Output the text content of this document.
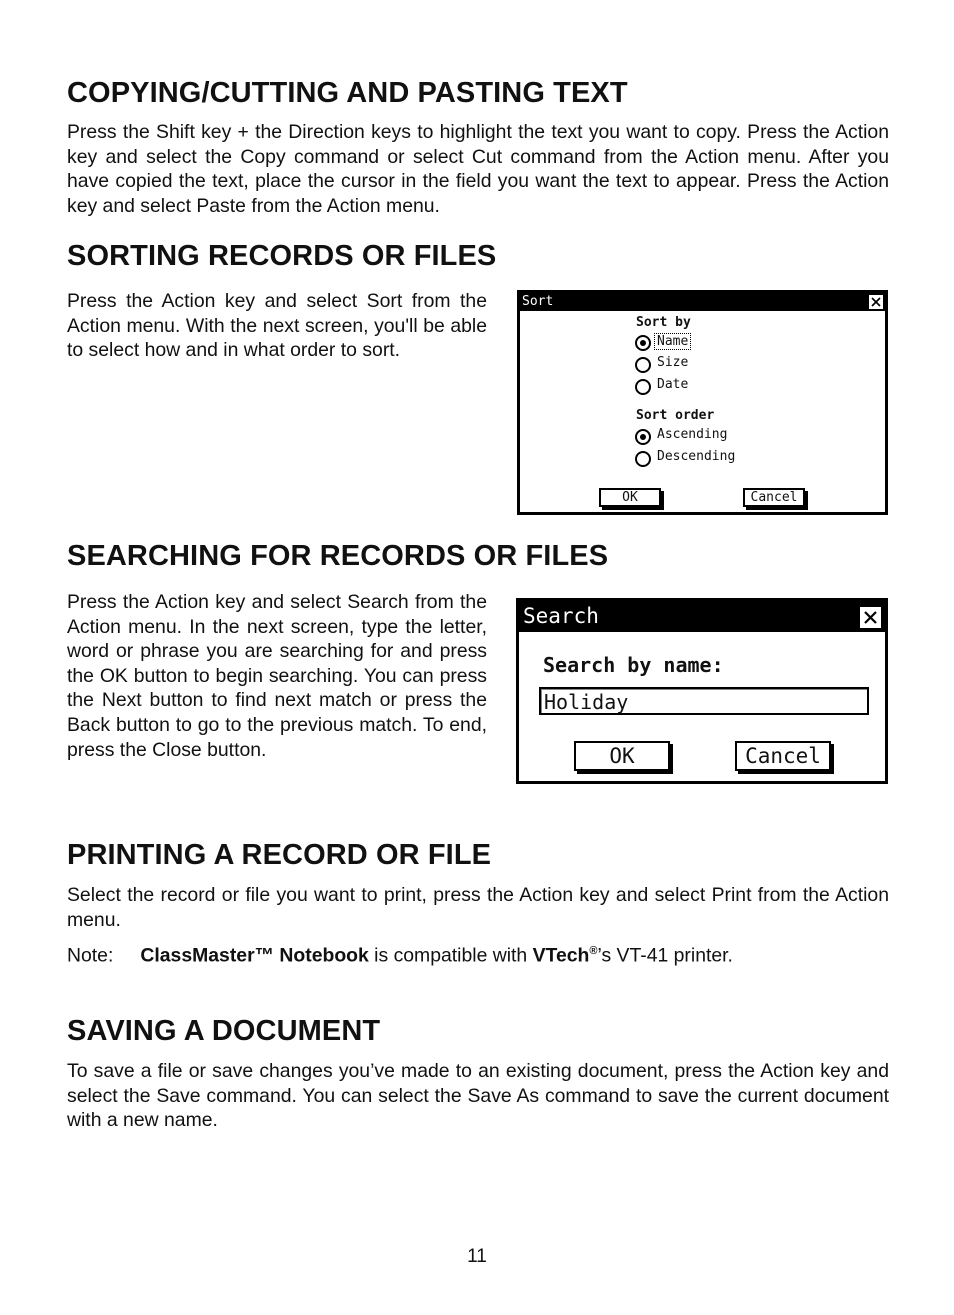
COPYING/CUTTING AND PASTING TEXT

Press the Shift key + the Direction keys to highlight the text you want to copy. Press the Action key and select the Copy command or select Cut command from the Action menu. After you have copied the text, place the cursor in the field you want the text to appear. Press the Action key and select Paste from the Action menu.

SORTING RECORDS OR FILES

Press the Action key and select Sort from the Action menu. With the next screen, you'll be able to select how and in what order to sort.

Sort
Sort by
Name
Size
Date
Sort order
Ascending
Descending
OK	Cancel
SEARCHING FOR RECORDS OR FILES

Press the Action key and select Search from the Action menu. In the next screen, type the letter, word or phrase you are searching for and press the OK button to begin searching. You can press the Next button to find next match or press the Back button to go to the previous match. To end, press the Close button.

Search
Search by name:
Holiday
OK	Cancel
PRINTING A RECORD OR FILE

Select the record or file you want to print, press the Action key and select Print from the Action menu.

Note: ClassMaster™ Notebook is compatible with VTech®’s VT-41 printer.
SAVING A DOCUMENT

To save a file or save changes you’ve made to an existing document, press the Action key and select the Save command. You can select the Save As command to save the current document with a new name.

11
